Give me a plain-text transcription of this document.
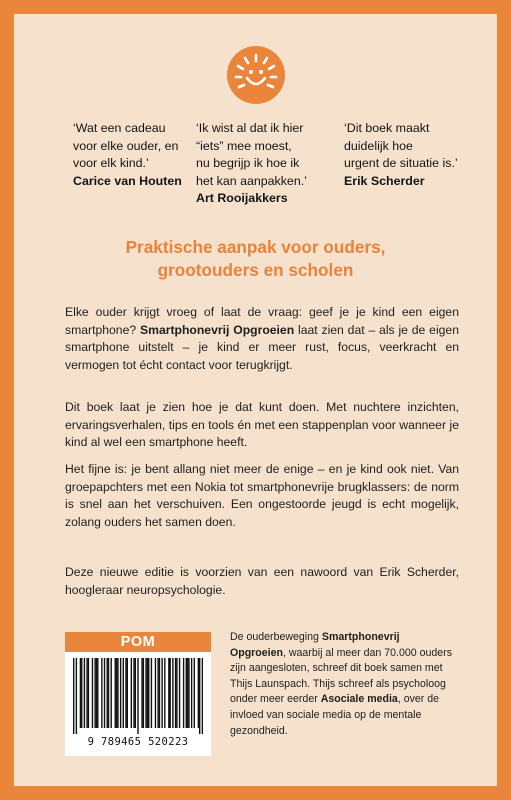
‘Wat een cadeau
voor elke ouder, en
voor elk kind.’
Carice van Houten
‘Ik wist al dat ik hier
“iets” mee moest,
nu begrijp ik hoe ik
het kan aanpakken.’
Art Rooijakkers
‘Dit boek maakt
duidelijk hoe
urgent de situatie is.’
Erik Scherder
Praktische aanpak voor ouders,
grootouders en scholen

Elke ouder krijgt vroeg of laat de vraag: geef je je kind een eigen smartphone? Smartphonevrij Opgroeien laat zien dat – als je de eigen smartphone uitstelt – je kind er meer rust, focus, veerkracht en vermogen tot écht contact voor terugkrijgt.

Dit boek laat je zien hoe je dat kunt doen. Met nuchtere inzichten, ervaringsverhalen, tips en tools én met een stappenplan voor wanneer je kind al wel een smartphone heeft.

Het fijne is: je bent allang niet meer de enige – en je kind ook niet. Van groepapchters met een Nokia tot smartphonevrije brugklassers: de norm is snel aan het verschuiven. Een ongestoorde jeugd is echt mogelijk, zolang ouders het samen doen.

Deze nieuwe editie is voorzien van een nawoord van Erik Scherder, hoogleraar neuropsychologie.

POM
9 789465 520223

De ouderbeweging Smartphonevrij Opgroeien, waarbij al meer dan 70.000 ouders zijn aangesloten, schreef dit boek samen met Thijs Launspach. Thijs schreef als psycholoog onder meer eerder Asociale media, over de invloed van sociale media op de mentale gezondheid.
